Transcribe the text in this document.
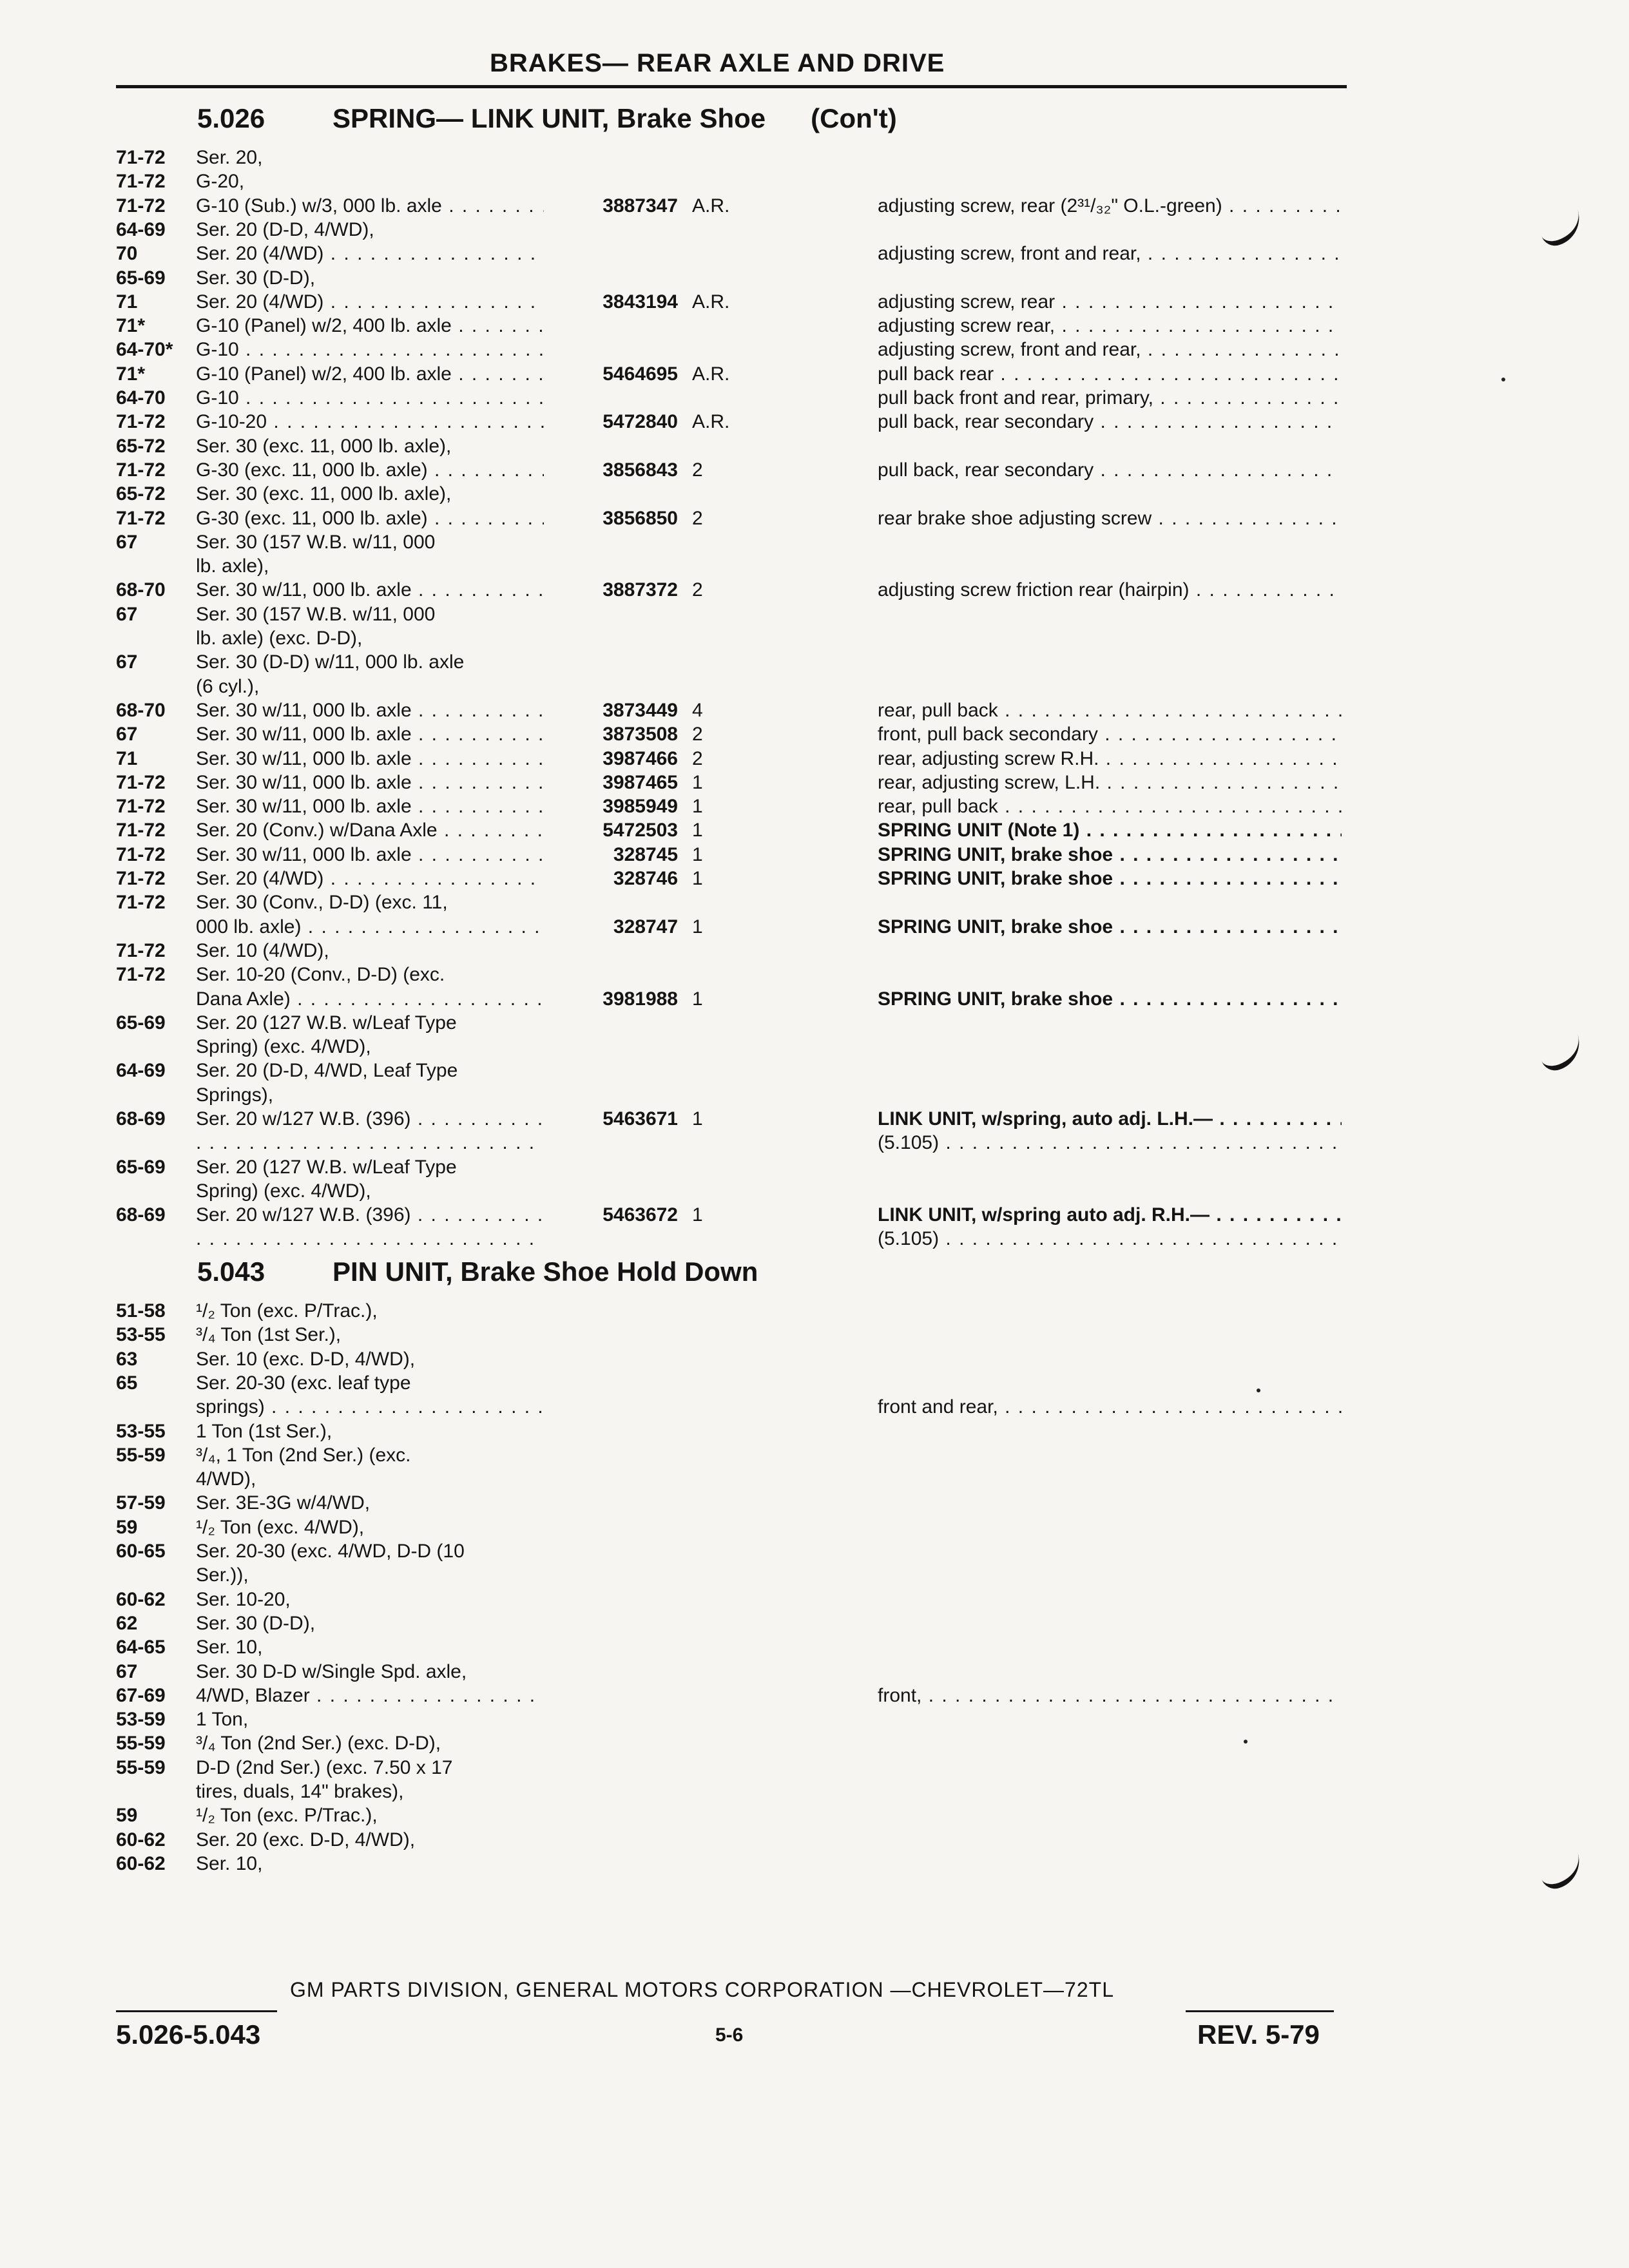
BRAKES— REAR AXLE AND DRIVE
5.026 SPRING— LINK UNIT, Brake Shoe (Con't)
71-72	Ser. 20,
71-72	G-20,
71-72	G-10 (Sub.) w/3, 000 lb. axle . . .	3887347 A.R.	adjusting screw, rear (2³¹/₃₂" O.L.-green) . . .
64-69	Ser. 20 (D-D, 4/WD),
70	Ser. 20 (4/WD) . . .	adjusting screw, front and rear, . . .
65-69	Ser. 30 (D-D),
71	Ser. 20 (4/WD) . . .	3843194 A.R.	adjusting screw, rear . . .
71*	G-10 (Panel) w/2, 400 lb. axle . . .	adjusting screw rear, . . .
64-70*	G-10 . . .	adjusting screw, front and rear, . . .
71*	G-10 (Panel) w/2, 400 lb. axle . . .	5464695 A.R.	pull back rear . . .
64-70	G-10 . . .	pull back front and rear, primary, . . .
71-72	G-10-20 . . .	5472840 A.R.	pull back, rear secondary . . .
65-72	Ser. 30 (exc. 11, 000 lb. axle),
71-72	G-30 (exc. 11, 000 lb. axle) . . .	3856843 2	pull back, rear secondary . . .
65-72	Ser. 30 (exc. 11, 000 lb. axle),
71-72	G-30 (exc. 11, 000 lb. axle) . . .	3856850 2	rear brake shoe adjusting screw . . .
67	Ser. 30 (157 W.B. w/11, 000
lb. axle),
68-70	Ser. 30 w/11, 000 lb. axle . . .	3887372 2	adjusting screw friction rear (hairpin) . . .
67	Ser. 30 (157 W.B. w/11, 000
lb. axle) (exc. D-D),
67	Ser. 30 (D-D) w/11, 000 lb. axle
(6 cyl.),
68-70	Ser. 30 w/11, 000 lb. axle . . .	3873449 4	rear, pull back . . .
67	Ser. 30 w/11, 000 lb. axle . . .	3873508 2	front, pull back secondary . . .
71	Ser. 30 w/11, 000 lb. axle . . .	3987466 2	rear, adjusting screw R.H. . . .
71-72	Ser. 30 w/11, 000 lb. axle . . .	3987465 1	rear, adjusting screw, L.H. . . .
71-72	Ser. 30 w/11, 000 lb. axle . . .	3985949 1	rear, pull back . . .
71-72	Ser. 20 (Conv.) w/Dana Axle . . .	5472503 1	SPRING UNIT (Note 1) . . .
71-72	Ser. 30 w/11, 000 lb. axle . . .	328745 1	SPRING UNIT, brake shoe . . .
71-72	Ser. 20 (4/WD) . . .	328746 1	SPRING UNIT, brake shoe . . .
71-72	Ser. 30 (Conv., D-D) (exc. 11,
000 lb. axle) . . .	328747 1	SPRING UNIT, brake shoe . . .
71-72	Ser. 10 (4/WD),
71-72	Ser. 10-20 (Conv., D-D) (exc.
Dana Axle) . . .	3981988 1	SPRING UNIT, brake shoe . . .
65-69	Ser. 20 (127 W.B. w/Leaf Type
Spring) (exc. 4/WD),
64-69	Ser. 20 (D-D, 4/WD, Leaf Type
Springs),
68-69	Ser. 20 w/127 W.B. (396) . . .	5463671 1	LINK UNIT, w/spring, auto adj. L.H.— . . .
. . .
(5.105) . . .
65-69	Ser. 20 (127 W.B. w/Leaf Type
Spring) (exc. 4/WD),
68-69	Ser. 20 w/127 W.B. (396) . . .	5463672 1	LINK UNIT, w/spring auto adj. R.H.— . . .
. . .
(5.105) . . .
5.043 PIN UNIT, Brake Shoe Hold Down
51-58	¹/₂ Ton (exc. P/Trac.),
53-55	³/₄ Ton (1st Ser.),
63	Ser. 10 (exc. D-D, 4/WD),
65	Ser. 20-30 (exc. leaf type
springs) . . .	front and rear, . . .
53-55	1 Ton (1st Ser.),
55-59	³/₄, 1 Ton (2nd Ser.) (exc.
4/WD),
57-59	Ser. 3E-3G w/4/WD,
59	¹/₂ Ton (exc. 4/WD),
60-65	Ser. 20-30 (exc. 4/WD, D-D (10
Ser.)),
60-62	Ser. 10-20,
62	Ser. 30 (D-D),
64-65	Ser. 10,
67	Ser. 30 D-D w/Single Spd. axle,
67-69	4/WD, Blazer . . .	front, . . .
53-59	1 Ton,
55-59	³/₄ Ton (2nd Ser.) (exc. D-D),
55-59	D-D (2nd Ser.) (exc. 7.50 x 17
tires, duals, 14" brakes),
59	¹/₂ Ton (exc. P/Trac.),
60-62	Ser. 20 (exc. D-D, 4/WD),
60-62	Ser. 10,
GM PARTS DIVISION, GENERAL MOTORS CORPORATION —CHEVROLET—72TL
5.026-5.043	5-6	REV. 5-79
